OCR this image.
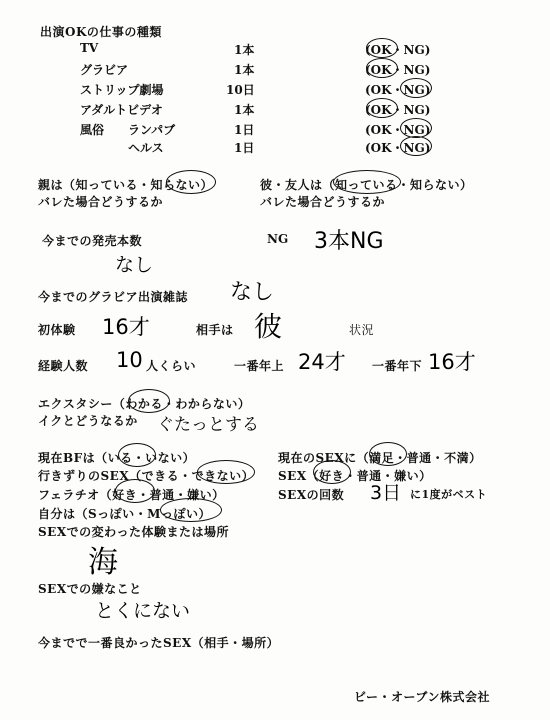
出演OKの仕事の種類
TV	1本	(OK・NG)
グラビア	1本	(OK・NG)
ストリップ劇場	10日	(OK・NG)
アダルトビデオ	1本	(OK・NG)
風俗 ランパブ	1日	(OK・NG)
ヘルス	1日	(OK・NG)
親は（知っている・知らない）
バレた場合どうするか
彼・友人は（知っている・知らない）
バレた場合どうするか
今までの発売本数	NG 3本NG
なし
今までのグラビア出演雑誌 なし
初体験 16才	相手は 彼	状況
経験人数 10 人くらい	一番年上 24才 一番年下 16才
エクスタシー（わかる・わからない）
イクとどうなるか ぐたっとする
現在BFは（いる・いない）	現在のSEXに（満足・普通・不満）
行きずりのSEX（できる・できない） SEX（好き・普通・嫌い）
フェラチオ（好き・普通・嫌い）	SEXの回数 3日 に1度がベスト
自分は（Sっぽい・Mっぽい）
SEXでの変わった体験または場所
海
SEXでの嫌なこと
とくにない
今までで一番良かったSEX（相手・場所）
ビー・オーブン株式会社
